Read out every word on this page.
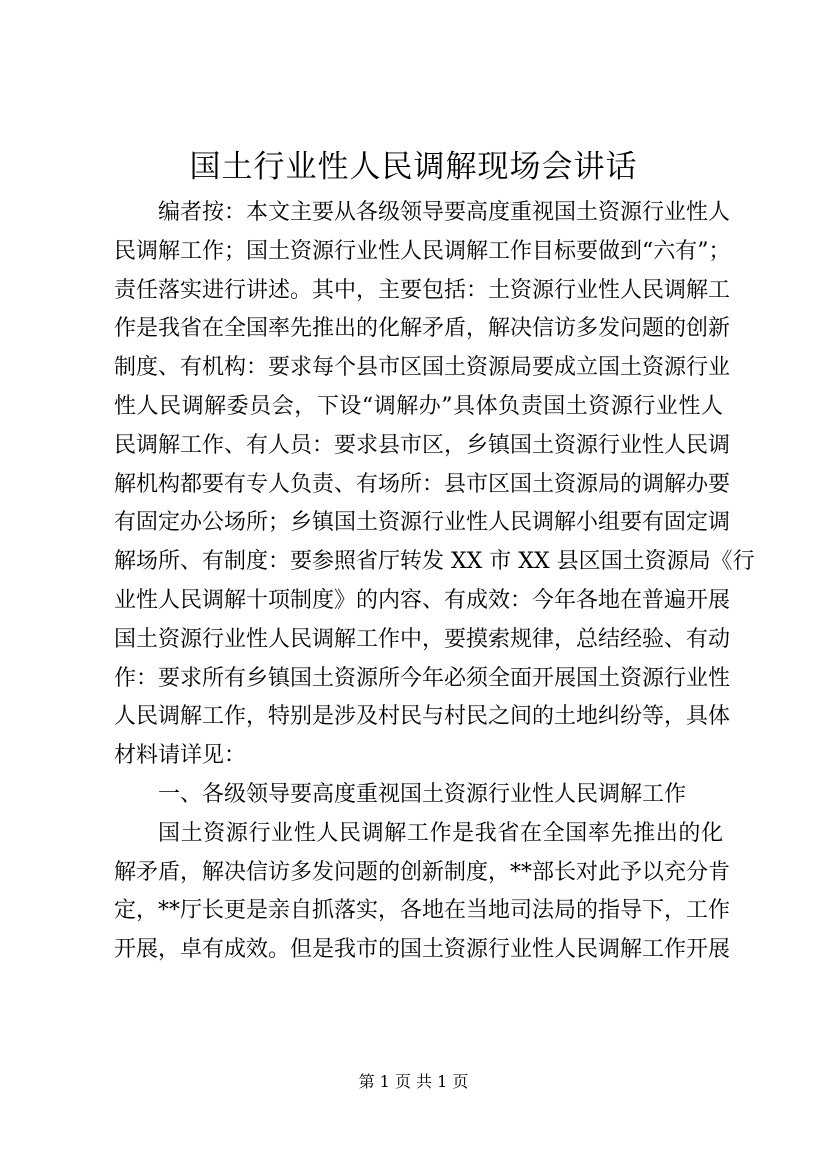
国土行业性人民调解现场会讲话
编者按：本文主要从各级领导要高度重视国土资源行业性人
民调解工作；国土资源行业性人民调解工作目标要做到“六有”；
责任落实进行讲述。其中，主要包括：土资源行业性人民调解工
作是我省在全国率先推出的化解矛盾，解决信访多发问题的创新
制度、有机构：要求每个县市区国土资源局要成立国土资源行业
性人民调解委员会，下设“调解办”具体负责国土资源行业性人
民调解工作、有人员：要求县市区，乡镇国土资源行业性人民调
解机构都要有专人负责、有场所：县市区国土资源局的调解办要
有固定办公场所；乡镇国土资源行业性人民调解小组要有固定调
解场所、有制度：要参照省厅转发 XX 市 XX 县区国土资源局《行
业性人民调解十项制度》的内容、有成效：今年各地在普遍开展
国土资源行业性人民调解工作中，要摸索规律，总结经验、有动
作：要求所有乡镇国土资源所今年必须全面开展国土资源行业性
人民调解工作，特别是涉及村民与村民之间的土地纠纷等，具体
材料请详见：
一、各级领导要高度重视国土资源行业性人民调解工作
国土资源行业性人民调解工作是我省在全国率先推出的化
解矛盾，解决信访多发问题的创新制度，**部长对此予以充分肯
定，**厅长更是亲自抓落实，各地在当地司法局的指导下，工作
开展，卓有成效。但是我市的国土资源行业性人民调解工作开展
第 1 页 共 1 页
